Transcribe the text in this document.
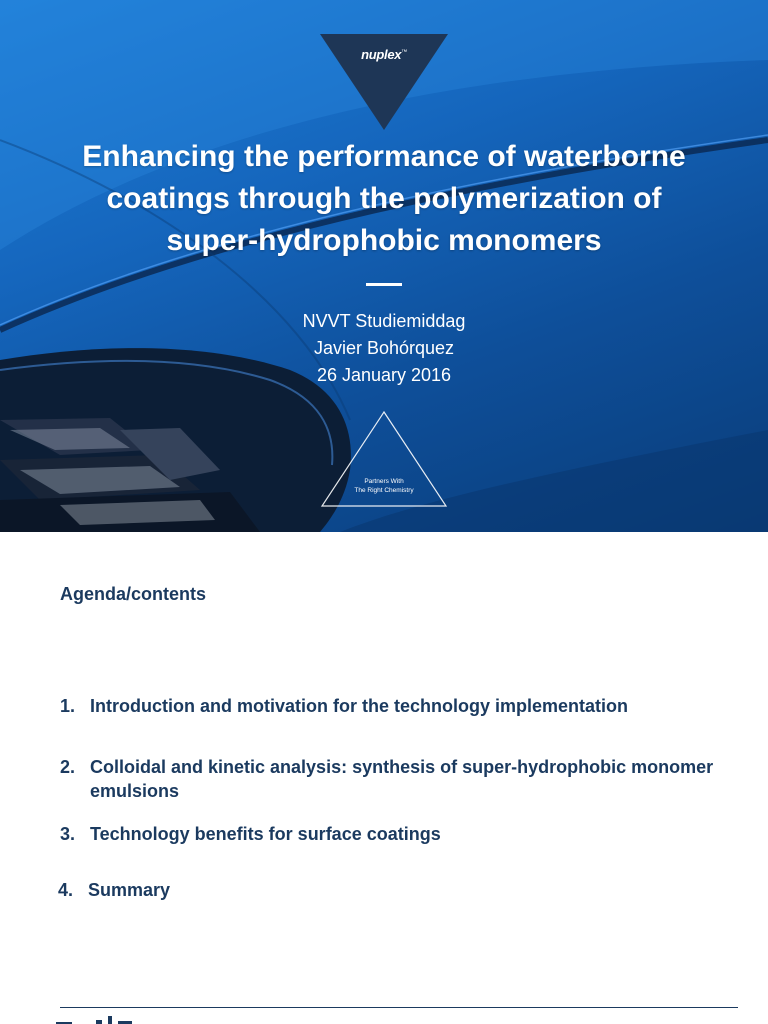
nuplex™
Enhancing the performance of waterborne
coatings through the polymerization of
super-hydrophobic monomers
NVVT Studiemiddag
Javier Bohórquez
26 January 2016
Partners With
The Right Chemistry
Agenda/contents
1. Introduction and motivation for the technology implementation
2. Colloidal and kinetic analysis: synthesis of super-hydrophobic monomer emulsions
3. Technology benefits for surface coatings
4. Summary
